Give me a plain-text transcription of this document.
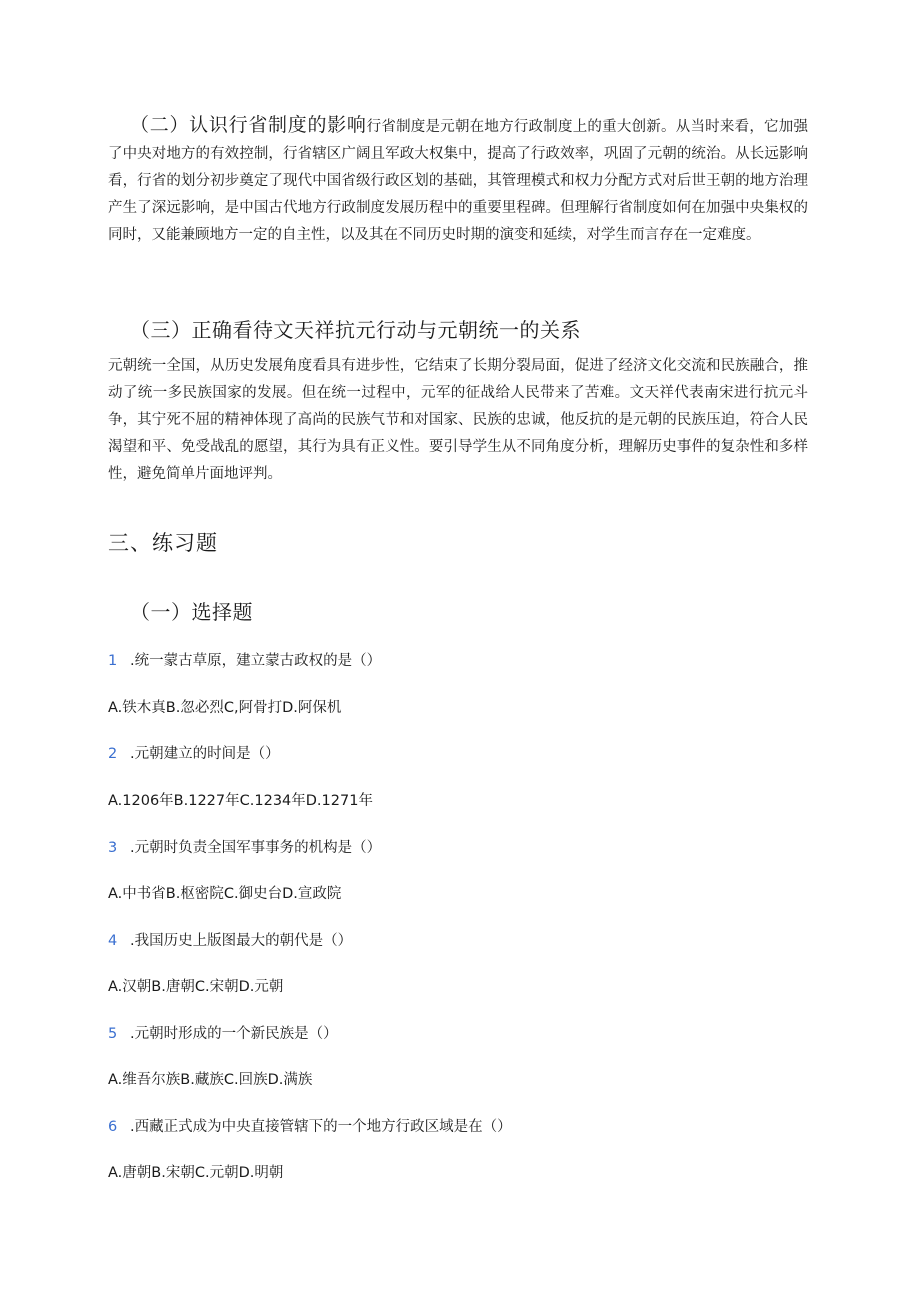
（二）认识行省制度的影响行省制度是元朝在地方行政制度上的重大创新。从当时来看，它加强了中央对地方的有效控制，行省辖区广阔且军政大权集中，提高了行政效率，巩固了元朝的统治。从长远影响看，行省的划分初步奠定了现代中国省级行政区划的基础，其管理模式和权力分配方式对后世王朝的地方治理产生了深远影响，是中国古代地方行政制度发展历程中的重要里程碑。但理解行省制度如何在加强中央集权的同时，又能兼顾地方一定的自主性，以及其在不同历史时期的演变和延续，对学生而言存在一定难度。

（三）正确看待文天祥抗元行动与元朝统一的关系

元朝统一全国，从历史发展角度看具有进步性，它结束了长期分裂局面，促进了经济文化交流和民族融合，推动了统一多民族国家的发展。但在统一过程中，元军的征战给人民带来了苦难。文天祥代表南宋进行抗元斗争，其宁死不屈的精神体现了高尚的民族气节和对国家、民族的忠诚，他反抗的是元朝的民族压迫，符合人民渴望和平、免受战乱的愿望，其行为具有正义性。要引导学生从不同角度分析，理解历史事件的复杂性和多样性，避免简单片面地评判。

三、练习题
（一）选择题

1 .统一蒙古草原，建立蒙古政权的是（）

A.铁木真B.忽必烈C,阿骨打D.阿保机

2 .元朝建立的时间是（）

A.1206年B.1227年C.1234年D.1271年

3 .元朝时负责全国军事事务的机构是（）

A.中书省B.枢密院C.御史台D.宣政院

4 .我国历史上版图最大的朝代是（）

A.汉朝B.唐朝C.宋朝D.元朝

5 .元朝时形成的一个新民族是（）

A.维吾尔族B.藏族C.回族D.满族

6 .西藏正式成为中央直接管辖下的一个地方行政区域是在（）

A.唐朝B.宋朝C.元朝D.明朝
